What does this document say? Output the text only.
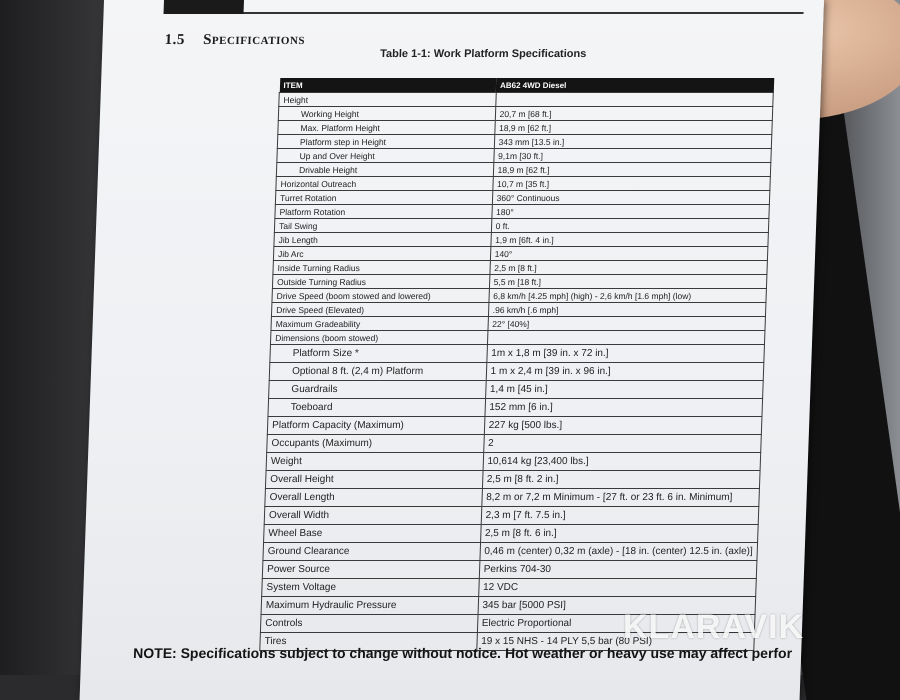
1.5 Specifications
Table 1-1: Work Platform Specifications
ITEM	AB62 4WD Diesel
Height	
Working Height	20,7 m [68 ft.]
Max. Platform Height	18,9 m [62 ft.]
Platform step in Height	343 mm [13.5 in.]
Up and Over Height	9,1m [30 ft.]
Drivable Height	18,9 m [62 ft.]
Horizontal Outreach	10,7 m [35 ft.]
Turret Rotation	360° Continuous
Platform Rotation	180°
Tail Swing	0 ft.
Jib Length	1,9 m [6ft. 4 in.]
Jib Arc	140°
Inside Turning Radius	2,5 m [8 ft.]
Outside Turning Radius	5,5 m [18 ft.]
Drive Speed (boom stowed and lowered)	6,8 km/h [4.25 mph] (high) - 2,6 km/h [1.6 mph] (low)
Drive Speed (Elevated)	.96 km/h [.6 mph]
Maximum Gradeability	22° [40%]
Dimensions (boom stowed)	
Platform Size *	1m x 1,8 m [39 in. x 72 in.]
Optional 8 ft. (2,4 m) Platform	1 m x 2,4 m [39 in. x 96 in.]
Guardrails	1,4 m [45 in.]
Toeboard	152 mm [6 in.]
Platform Capacity (Maximum)	227 kg [500 lbs.]
Occupants (Maximum)	2
Weight	10,614 kg [23,400 lbs.]
Overall Height	2,5 m [8 ft. 2 in.]
Overall Length	8,2 m or 7,2 m Minimum - [27 ft. or 23 ft. 6 in. Minimum]
Overall Width	2,3 m [7 ft. 7.5 in.]
Wheel Base	2,5 m [8 ft. 6 in.]
Ground Clearance	0,46 m (center) 0,32 m (axle) - [18 in. (center) 12.5 in. (axle)]
Power Source	Perkins 704-30
System Voltage	12 VDC
Maximum Hydraulic Pressure	345 bar [5000 PSI]
Controls	Electric Proportional
Tires	19 x 15 NHS - 14 PLY 5,5 bar (80 PSI)
NOTE: Specifications subject to change without notice. Hot weather or heavy use may affect perfor
KLARAVIK
